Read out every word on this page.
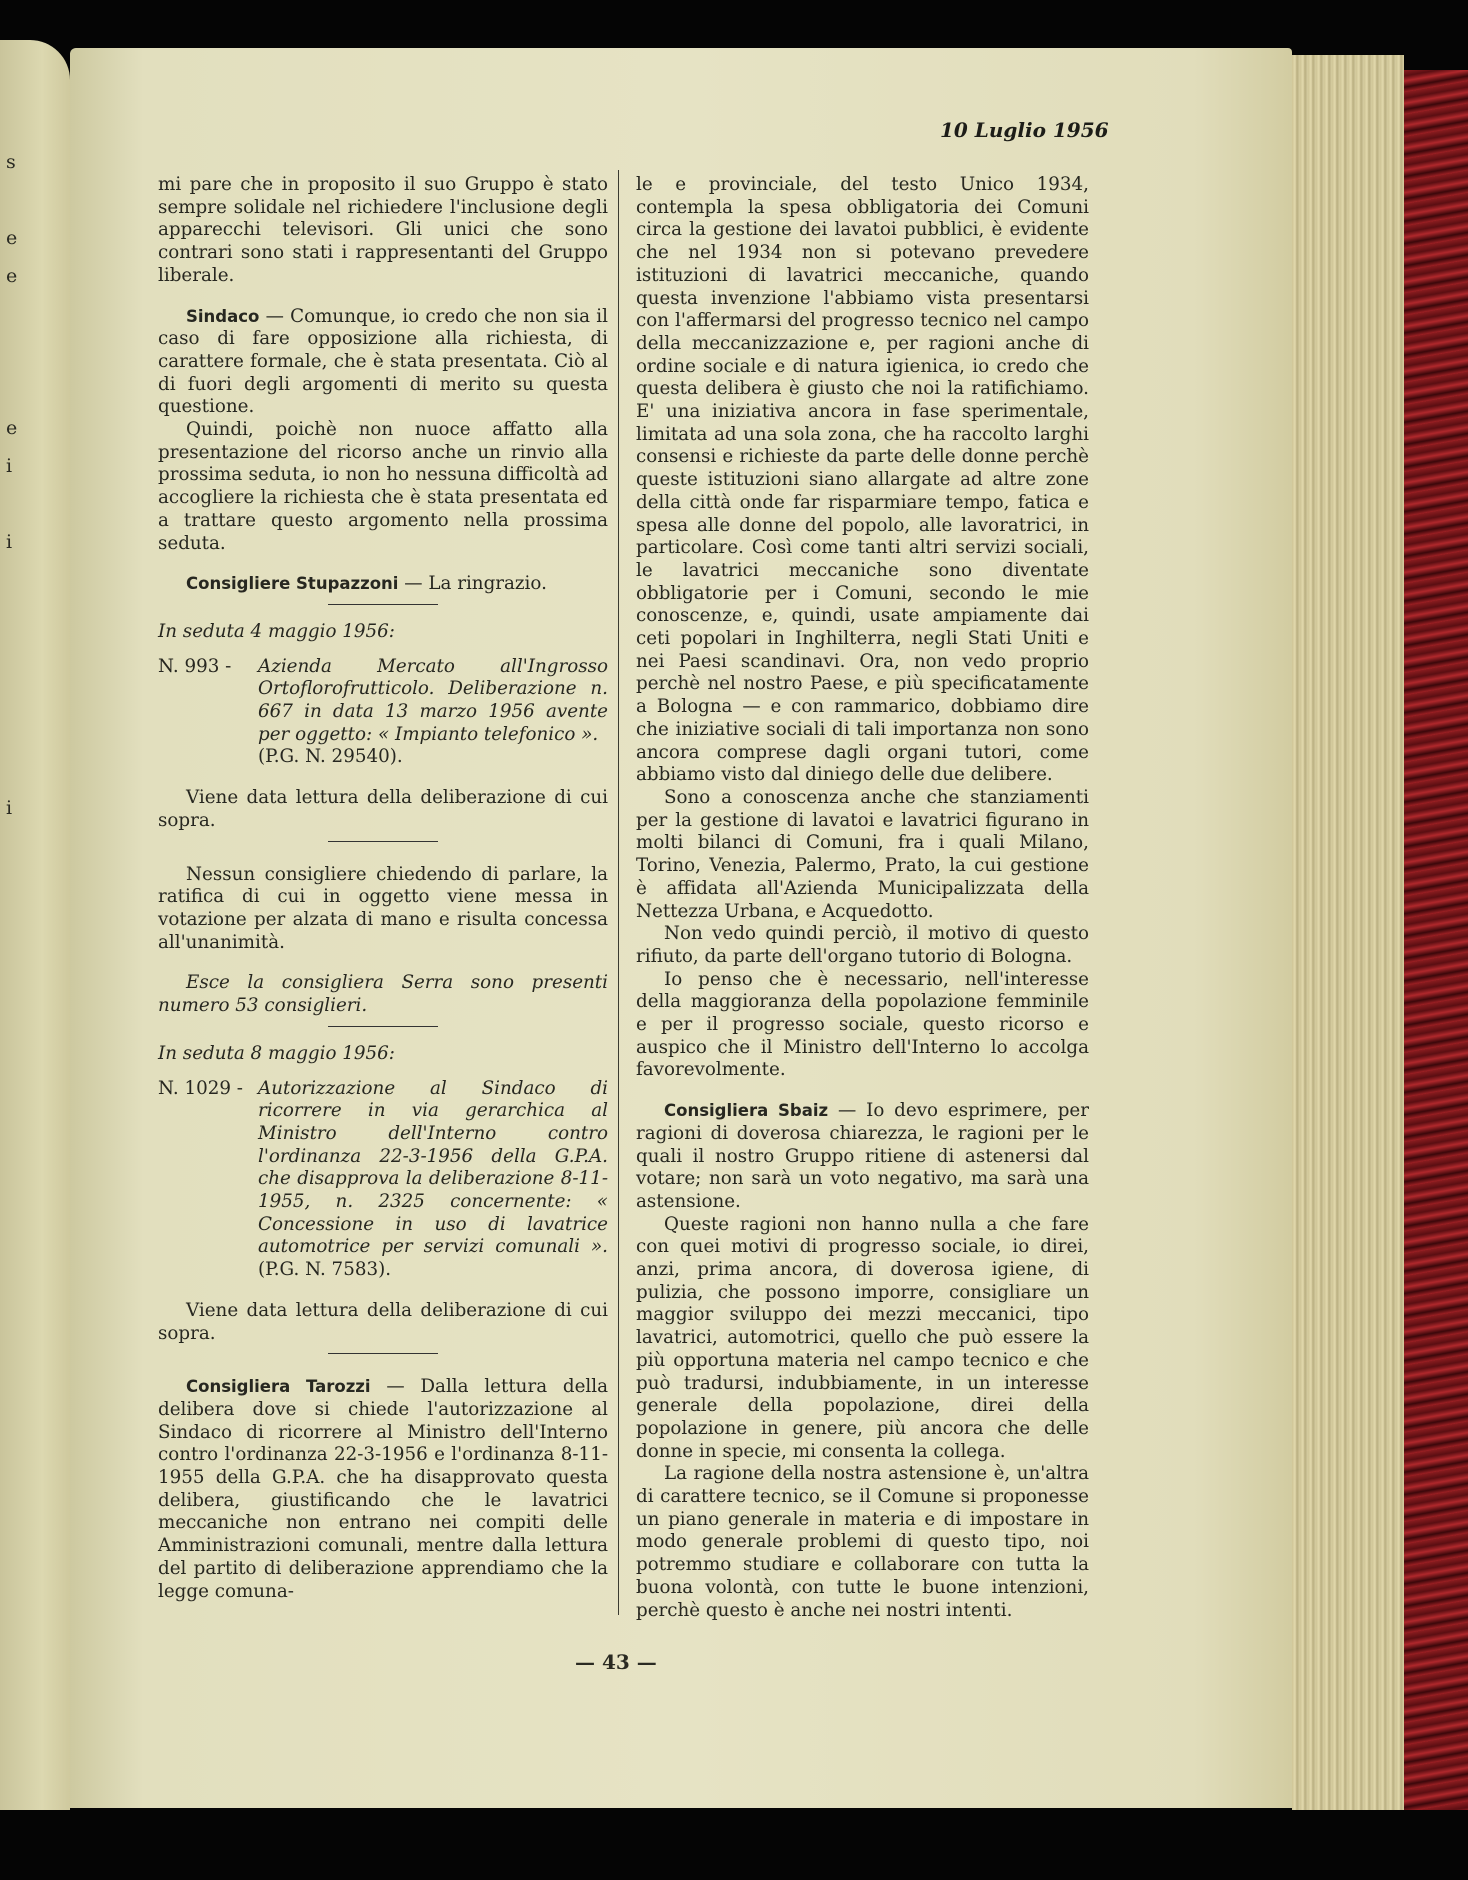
s
e
e
e
i
i
i
10 Luglio 1956

mi pare che in proposito il suo Gruppo è stato sempre solidale nel richiedere l'inclusione degli apparecchi televisori. Gli unici che sono contrari sono stati i rappresentanti del Gruppo liberale.

Sindaco — Comunque, io credo che non sia il caso di fare opposizione alla richiesta, di carattere formale, che è stata presentata. Ciò al di fuori degli argomenti di merito su questa questione.

Quindi, poichè non nuoce affatto alla presentazione del ricorso anche un rinvio alla prossima seduta, io non ho nessuna difficoltà ad accogliere la richiesta che è stata presentata ed a trattare questo argomento nella prossima seduta.

Consigliere Stupazzoni — La ringrazio.

In seduta 4 maggio 1956:

N. 993 -	Azienda Mercato all'Ingrosso Ortoflorofrutticolo. Deliberazione n. 667 in data 13 marzo 1956 avente per oggetto: « Impianto telefonico ».
(P.G. N. 29540).

Viene data lettura della deliberazione di cui sopra.

Nessun consigliere chiedendo di parlare, la ratifica di cui in oggetto viene messa in votazione per alzata di mano e risulta concessa all'unanimità.

Esce la consigliera Serra sono presenti numero 53 consiglieri.

In seduta 8 maggio 1956:

N. 1029 - Autorizzazione al Sindaco di ricorrere in via gerarchica al Ministro dell'Interno contro l'ordinanza 22-3-1956 della G.P.A. che disapprova la deliberazione 8-11-1955, n. 2325 concernente: « Concessione in uso di lavatrice automotrice per servizi comunali ». (P.G. N. 7583).

Viene data lettura della deliberazione di cui sopra.

Consigliera Tarozzi — Dalla lettura della delibera dove si chiede l'autorizzazione al Sindaco di ricorrere al Ministro dell'Interno contro l'ordinanza 22-3-1956 e l'ordinanza 8-11-1955 della G.P.A. che ha disapprovato questa delibera, giustificando che le lavatrici meccaniche non entrano nei compiti delle Amministrazioni comunali, mentre dalla lettura del partito di deliberazione apprendiamo che la legge comuna-

le e provinciale, del testo Unico 1934, contempla la spesa obbligatoria dei Comuni circa la gestione dei lavatoi pubblici, è evidente che nel 1934 non si potevano prevedere istituzioni di lavatrici meccaniche, quando questa invenzione l'abbiamo vista presentarsi con l'affermarsi del progresso tecnico nel campo della meccanizzazione e, per ragioni anche di ordine sociale e di natura igienica, io credo che questa delibera è giusto che noi la ratifichiamo. E' una iniziativa ancora in fase sperimentale, limitata ad una sola zona, che ha raccolto larghi consensi e richieste da parte delle donne perchè queste istituzioni siano allargate ad altre zone della città onde far risparmiare tempo, fatica e spesa alle donne del popolo, alle lavoratrici, in particolare. Così come tanti altri servizi sociali, le lavatrici meccaniche sono diventate obbligatorie per i Comuni, secondo le mie conoscenze, e, quindi, usate ampiamente dai ceti popolari in Inghilterra, negli Stati Uniti e nei Paesi scandinavi. Ora, non vedo proprio perchè nel nostro Paese, e più specificatamente a Bologna — e con rammarico, dobbiamo dire che iniziative sociali di tali importanza non sono ancora comprese dagli organi tutori, come abbiamo visto dal diniego delle due delibere.

Sono a conoscenza anche che stanziamenti per la gestione di lavatoi e lavatrici figurano in molti bilanci di Comuni, fra i quali Milano, Torino, Venezia, Palermo, Prato, la cui gestione è affidata all'Azienda Municipalizzata della Nettezza Urbana, e Acquedotto.

Non vedo quindi perciò, il motivo di questo rifiuto, da parte dell'organo tutorio di Bologna.

Io penso che è necessario, nell'interesse della maggioranza della popolazione femminile e per il progresso sociale, questo ricorso e auspico che il Ministro dell'Interno lo accolga favorevolmente.

Consigliera Sbaiz — Io devo esprimere, per ragioni di doverosa chiarezza, le ragioni per le quali il nostro Gruppo ritiene di astenersi dal votare; non sarà un voto negativo, ma sarà una astensione.

Queste ragioni non hanno nulla a che fare con quei motivi di progresso sociale, io direi, anzi, prima ancora, di doverosa igiene, di pulizia, che possono imporre, consigliare un maggior sviluppo dei mezzi meccanici, tipo lavatrici, automotrici, quello che può essere la più opportuna materia nel campo tecnico e che può tradursi, indubbiamente, in un interesse generale della popolazione, direi della popolazione in genere, più ancora che delle donne in specie, mi consenta la collega.

La ragione della nostra astensione è, un'altra di carattere tecnico, se il Comune si proponesse un piano generale in materia e di impostare in modo generale problemi di questo tipo, noi potremmo studiare e collaborare con tutta la buona volontà, con tutte le buone intenzioni, perchè questo è anche nei nostri intenti.

— 43 —
